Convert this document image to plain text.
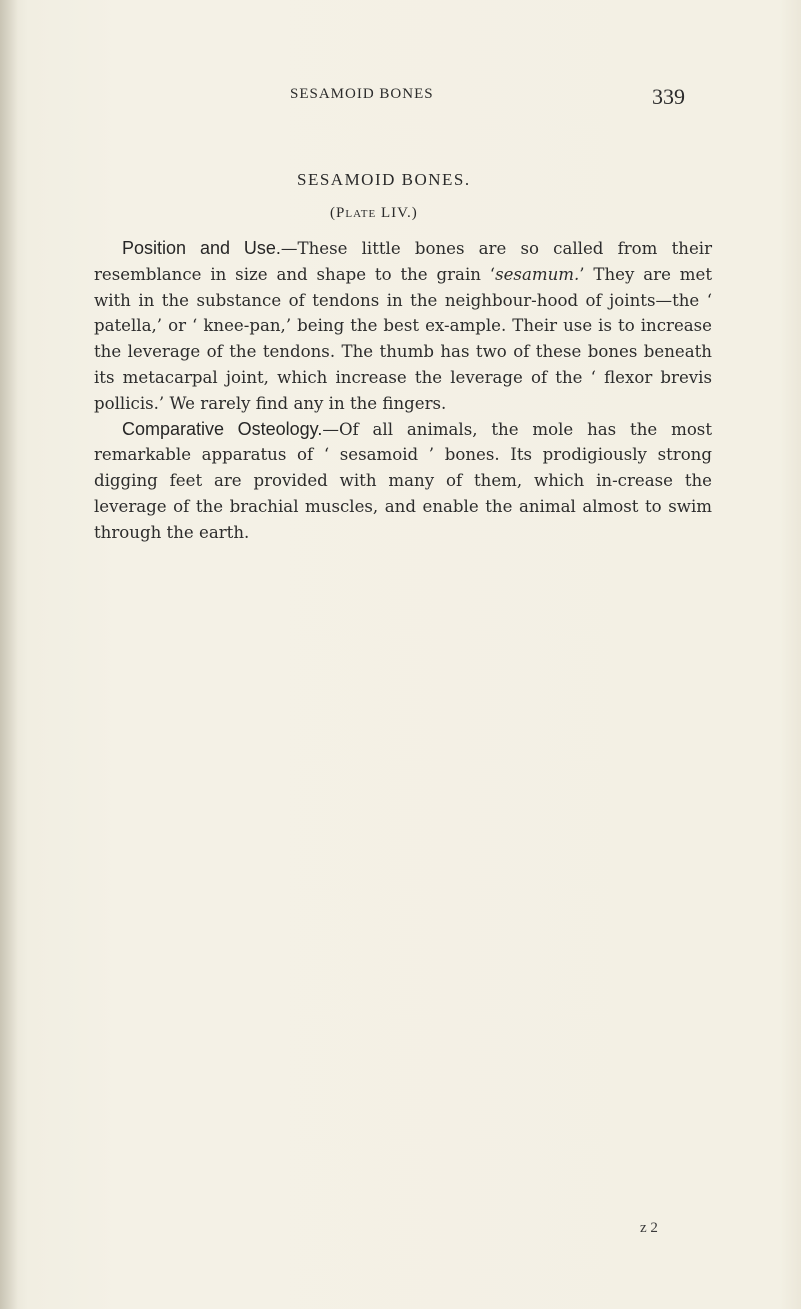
SESAMOID BONES	339
SESAMOID BONES.
(PLATE LIV.)

Position and Use.—These little bones are so called from their resemblance in size and shape to the grain ‘sesamum.’ They are met with in the substance of tendons in the neighbour-hood of joints—the ‘ patella,’ or ‘ knee-pan,’ being the best ex-ample. Their use is to increase the leverage of the tendons. The thumb has two of these bones beneath its metacarpal joint, which increase the leverage of the ‘ flexor brevis pollicis.’ We rarely find any in the fingers.

Comparative Osteology.—Of all animals, the mole has the most remarkable apparatus of ‘ sesamoid ’ bones. Its prodigiously strong digging feet are provided with many of them, which in-crease the leverage of the brachial muscles, and enable the animal almost to swim through the earth.

z 2
